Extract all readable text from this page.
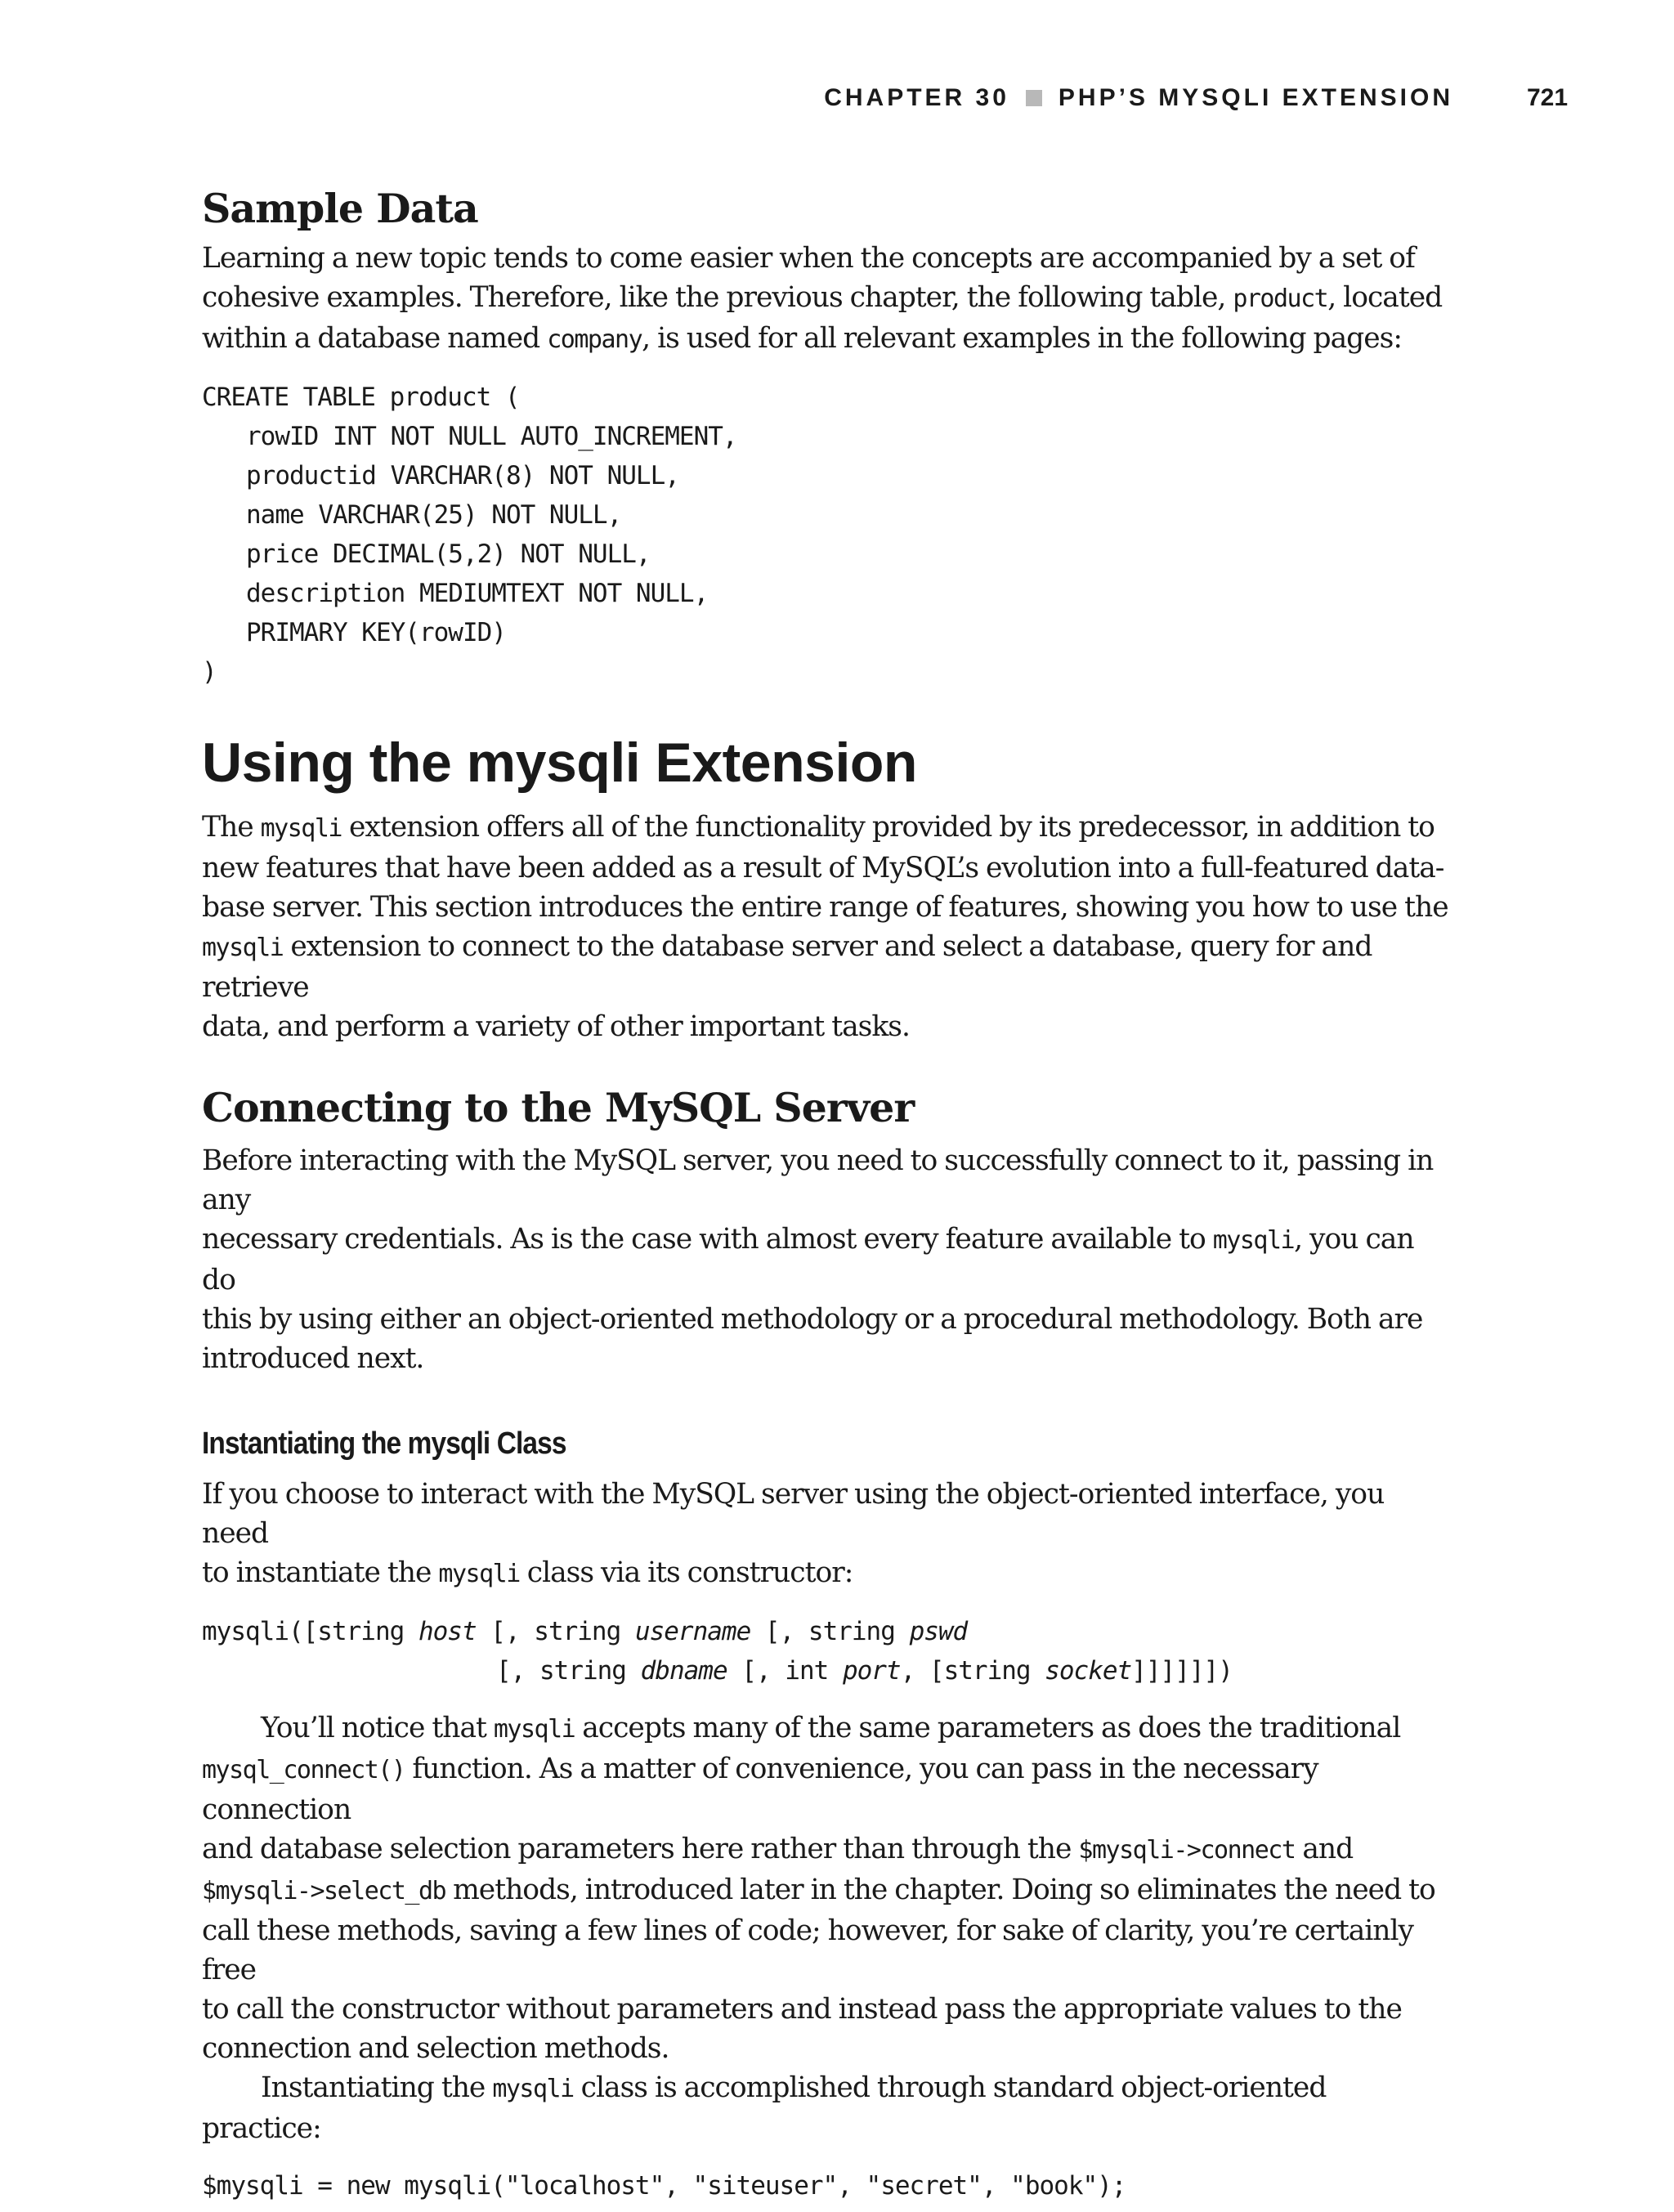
CHAPTER 30 PHP’S MYSQLI EXTENSION	721
Sample Data

Learning a new topic tends to come easier when the concepts are accompanied by a set of
cohesive examples. Therefore, like the previous chapter, the following table, product, located
within a database named company, is used for all relevant examples in the following pages:

CREATE TABLE product (
rowID INT NOT NULL AUTO_INCREMENT,
productid VARCHAR(8) NOT NULL,
name VARCHAR(25) NOT NULL,
price DECIMAL(5,2) NOT NULL,
description MEDIUMTEXT NOT NULL,
PRIMARY KEY(rowID)
)
Using the mysqli Extension

The mysqli extension offers all of the functionality provided by its predecessor, in addition to
new features that have been added as a result of MySQL’s evolution into a full-featured data-
base server. This section introduces the entire range of features, showing you how to use the
mysqli extension to connect to the database server and select a database, query for and retrieve
data, and perform a variety of other important tasks.

Connecting to the MySQL Server

Before interacting with the MySQL server, you need to successfully connect to it, passing in any
necessary credentials. As is the case with almost every feature available to mysqli, you can do
this by using either an object-oriented methodology or a procedural methodology. Both are
introduced next.

Instantiating the mysqli Class

If you choose to interact with the MySQL server using the object-oriented interface, you need
to instantiate the mysqli class via its constructor:

mysqli([string host [, string username [, string pswd
[, string dbname [, int port, [string socket]]]]]])

You’ll notice that mysqli accepts many of the same parameters as does the traditional
mysql_connect() function. As a matter of convenience, you can pass in the necessary connection
and database selection parameters here rather than through the $mysqli->connect and
$mysqli->select_db methods, introduced later in the chapter. Doing so eliminates the need to
call these methods, saving a few lines of code; however, for sake of clarity, you’re certainly free
to call the constructor without parameters and instead pass the appropriate values to the
connection and selection methods.

Instantiating the mysqli class is accomplished through standard object-oriented practice:

$mysqli = new mysqli("localhost", "siteuser", "secret", "book");
